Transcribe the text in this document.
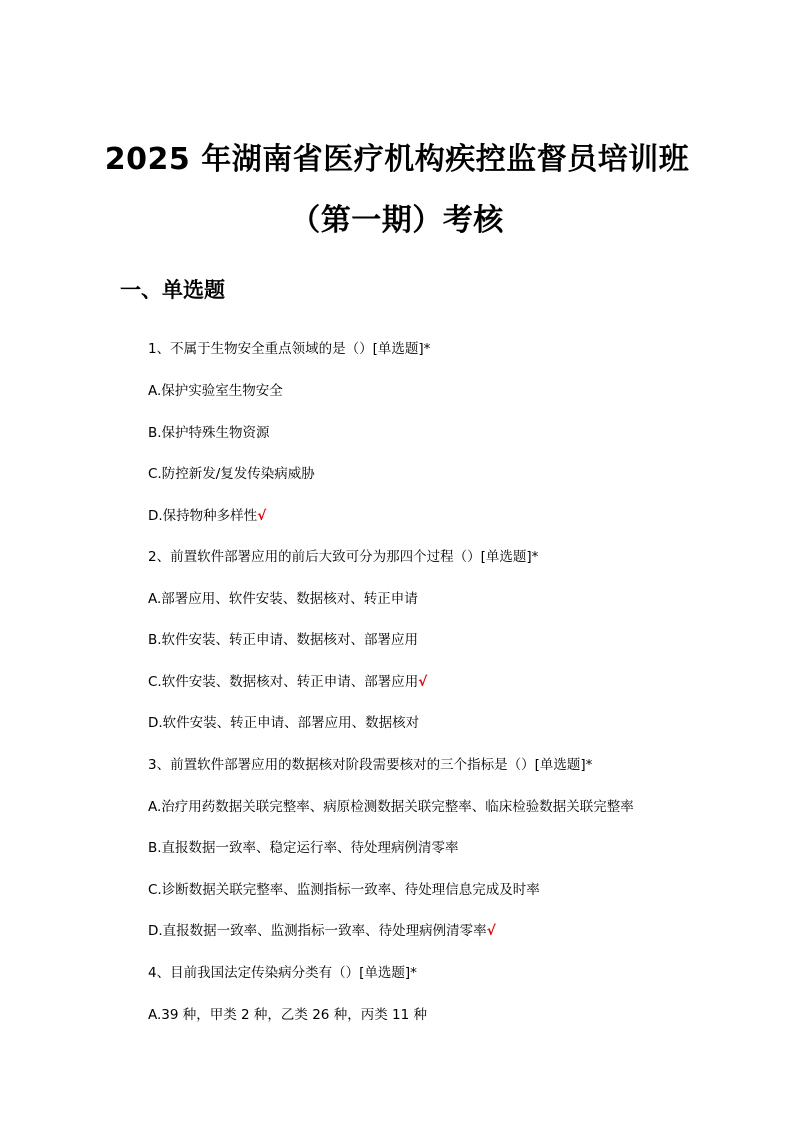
2025 年湖南省医疗机构疾控监督员培训班
（第一期）考核
一、单选题
1、不属于生物安全重点领域的是（）[单选题]*
A.保护实验室生物安全
B.保护特殊生物资源
C.防控新发/复发传染病威胁
D.保持物种多样性√
2、前置软件部署应用的前后大致可分为那四个过程（）[单选题]*
A.部署应用、软件安装、数据核对、转正申请
B.软件安装、转正申请、数据核对、部署应用
C.软件安装、数据核对、转正申请、部署应用√
D.软件安装、转正申请、部署应用、数据核对
3、前置软件部署应用的数据核对阶段需要核对的三个指标是（）[单选题]*
A.治疗用药数据关联完整率、病原检测数据关联完整率、临床检验数据关联完整率
B.直报数据一致率、稳定运行率、待处理病例清零率
C.诊断数据关联完整率、监测指标一致率、待处理信息完成及时率
D.直报数据一致率、监测指标一致率、待处理病例清零率√
4、目前我国法定传染病分类有（）[单选题]*
A.39 种，甲类 2 种，乙类 26 种，丙类 11 种
